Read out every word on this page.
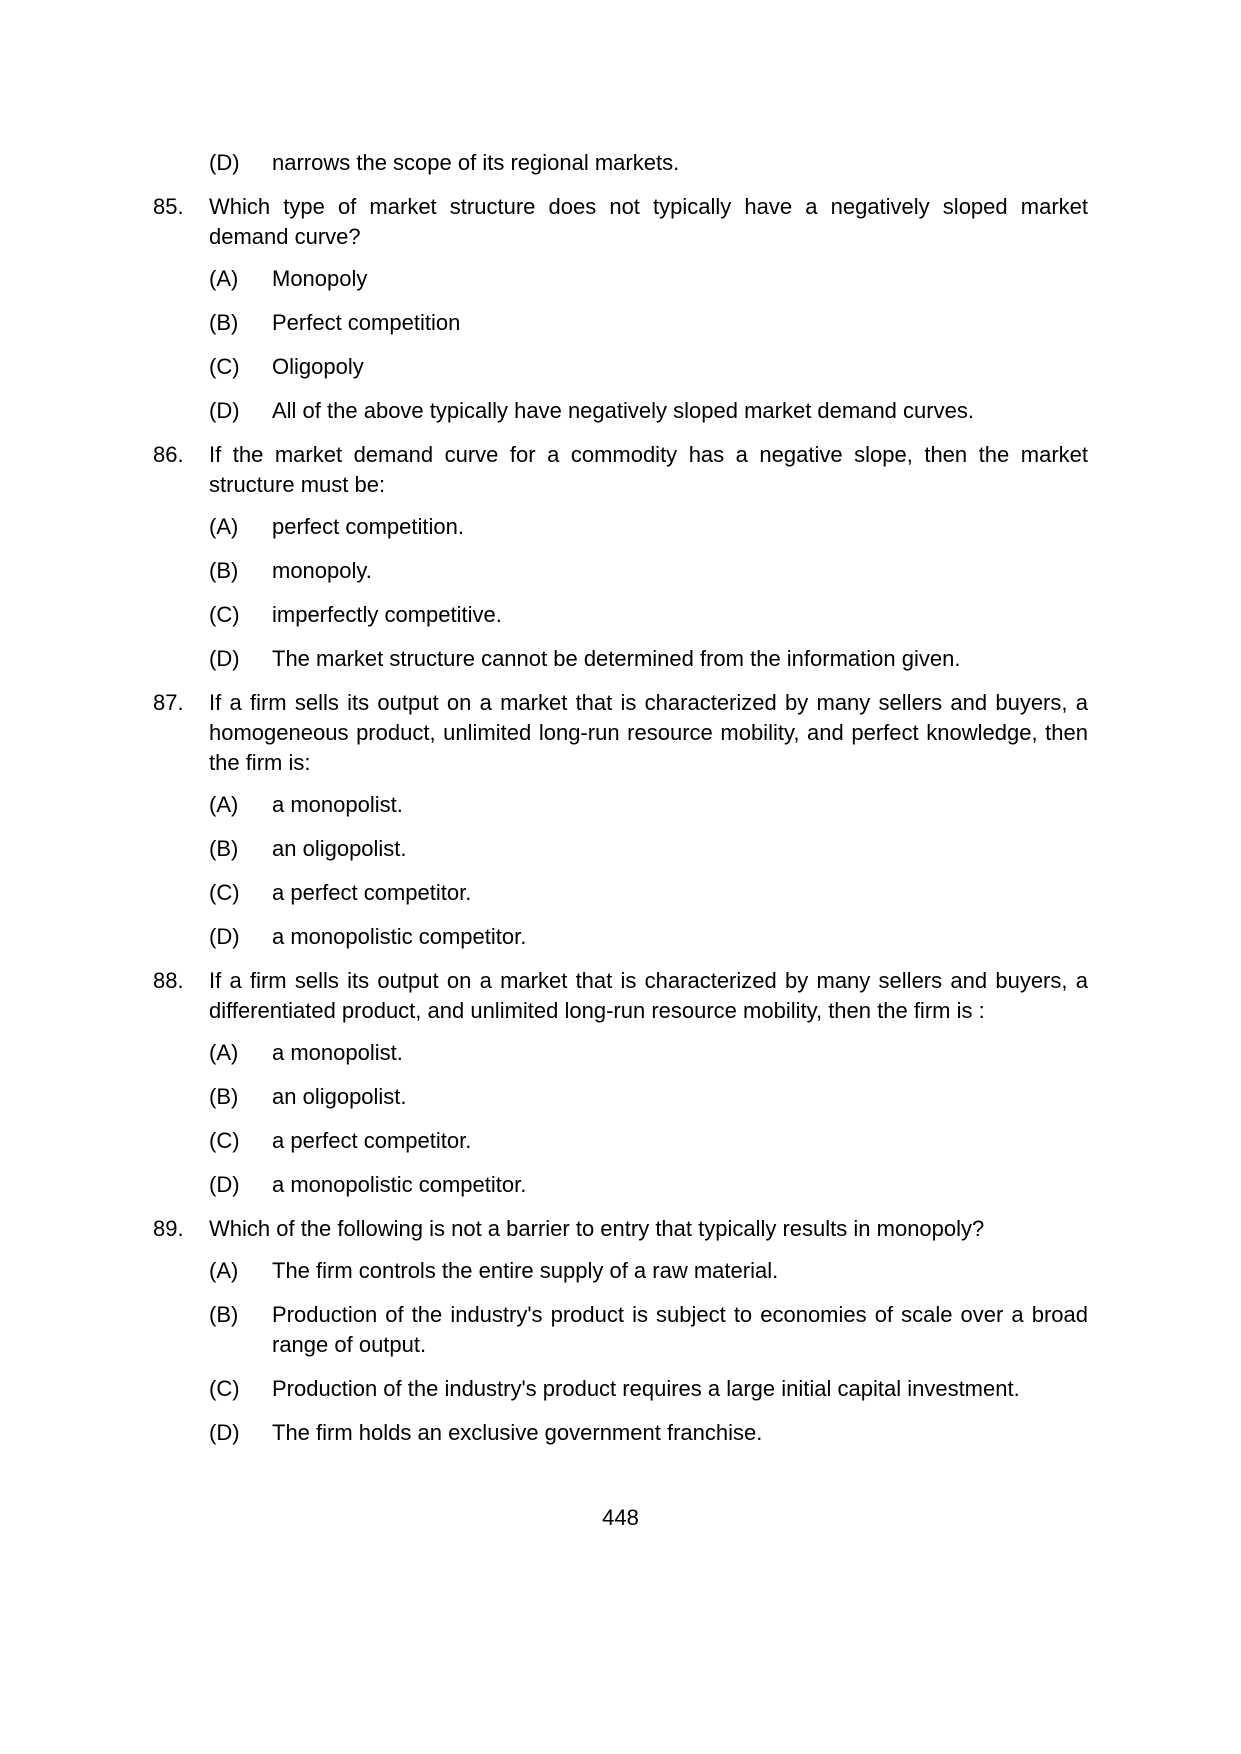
(D)	narrows the scope of its regional markets.
85.	Which type of market structure does not typically have a negatively sloped market demand curve?
(A)	Monopoly
(B)	Perfect competition
(C)	Oligopoly
(D)	All of the above typically have negatively sloped market demand curves.
86.	If the market demand curve for a commodity has a negative slope, then the market structure must be:
(A)	perfect competition.
(B)	monopoly.
(C)	imperfectly competitive.
(D)	The market structure cannot be determined from the information given.
87.	If a firm sells its output on a market that is characterized by many sellers and buyers, a homogeneous product, unlimited long-run resource mobility, and perfect knowledge, then the firm is:
(A)	a monopolist.
(B)	an oligopolist.
(C)	a perfect competitor.
(D)	a monopolistic competitor.
88.	If a firm sells its output on a market that is characterized by many sellers and buyers, a differentiated product, and unlimited long-run resource mobility, then the firm is :
(A)	a monopolist.
(B)	an oligopolist.
(C)	a perfect competitor.
(D)	a monopolistic competitor.
89.	Which of the following is not a barrier to entry that typically results in monopoly?
(A)	The firm controls the entire supply of a raw material.
(B)	Production of the industry's product is subject to economies of scale over a broad range of output.
(C)	Production of the industry's product requires a large initial capital investment.
(D)	The firm holds an exclusive government franchise.
448
